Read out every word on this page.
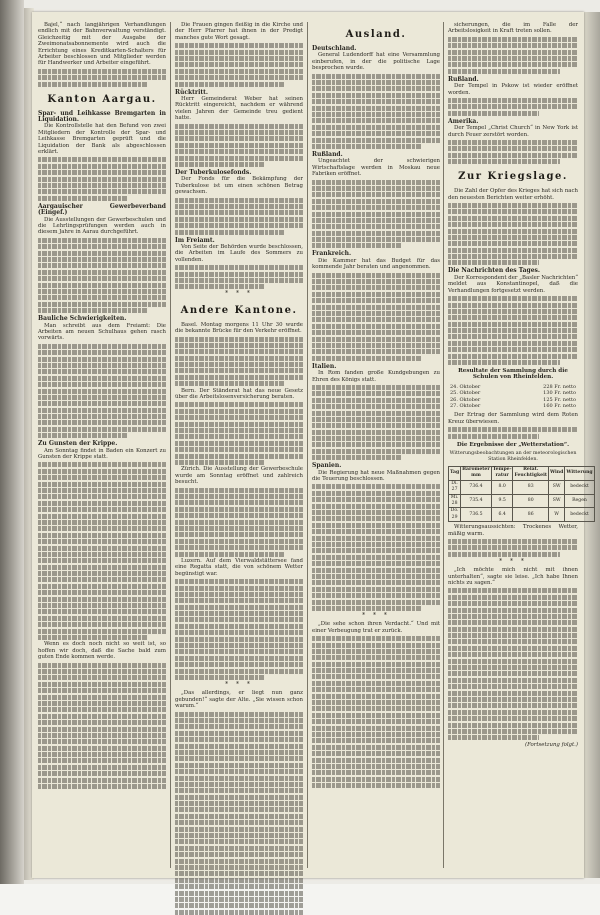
Bajel,“ nach langjährigen Verhandlungen endlich mit der Bahnverwaltung verständigt. Gleichzeitig mit der Ausgabe der Zweimonatsabonnemente wird auch die Errichtung eines Kreditkarten-Schalters für Arbeiter beschlossen und Mitglieder werden für Handwerker und Arbeiter eingeführt.

Kanton Aargau.
Spar- und Leihkasse Bremgarten in Liquidation.

Die Kontrollstelle hat den Befund von zwei Mitgliedern der Kontrolle der Spar- und Leihkasse Bremgarten geprüft und die Liquidation der Bank als abgeschlossen erklärt.

Aargauischer Gewerbeverband (Eingef.)

Die Ausstellungen der Gewerbeschulen und die Lehrlingsprüfungen werden auch in diesem Jahre in Aarau durchgeführt.

Bauliche Schwierigkeiten.

Man schreibt aus dem Freiamt: Die Arbeiten am neuen Schulhaus gehen rasch vorwärts.

Zu Gunsten der Krippe.

Am Sonntag findet in Baden ein Konzert zu Gunsten der Krippe statt.

Wenn es doch noch nicht so weit ist, so hoffen wir doch, daß die Sache bald zum guten Ende kommen werde.

Die Frauen gingen fleißig in die Kirche und der Herr Pfarrer hat ihnen in der Predigt manches gute Wort gesagt.

Rücktritt.

Herr Gemeinderat Weber hat seinen Rücktritt eingereicht, nachdem er während vielen Jahren der Gemeinde treu gedient hatte.

Der Tuberkulosefonds.

Der Fonds für die Bekämpfung der Tuberkulose ist um einen schönen Betrag gewachsen.

Im Freiamt.

Von Seite der Behörden wurde beschlossen, die Arbeiten im Laufe des Sommers zu vollenden.

* * *
Andere Kantone.

Basel. Montag morgens 11 Uhr 30 wurde die bekannte Brücke für den Verkehr eröffnet.

Bern. Der Ständerat hat das neue Gesetz über die Arbeitslosenversicherung beraten.

Zürich. Die Ausstellung der Gewerbeschule wurde am Sonntag eröffnet und zahlreich besucht.

Luzern. Auf dem Vierwaldstättersee fand eine Regatta statt, die von schönem Wetter begünstigt war.

* * *

„Das allerdings, er liegt nun ganz gebunden!“ sagte der Alte. „Sie wissen schon warum.“

Ausland.
Deutschland.

General Ludendorff hat eine Versammlung einberufen, in der die politische Lage besprochen wurde.

Rußland.

Ungeachtet der schwierigen Wirtschaftslage werden in Moskau neue Fabriken eröffnet.

Frankreich.

Die Kammer hat das Budget für das kommende Jahr beraten und angenommen.

Italien.

In Rom fanden große Kundgebungen zu Ehren des Königs statt.

Spanien.

Die Regierung hat neue Maßnahmen gegen die Teuerung beschlossen.

* * *

„Die sehe schon ihren Verdacht.“ Und mit einer Verbeugung trat er zurück.

sicherungen, die im Falle der Arbeitslosigkeit in Kraft treten sollen.

Rußland.

Der Tempel in Pskow ist wieder eröffnet worden.

Amerika.

Der Tempel „Christ Church“ in New York ist durch Feuer zerstört worden.

Zur Kriegslage.

Die Zahl der Opfer des Krieges hat sich nach den neuesten Berichten weiter erhöht.

Die Nachrichten des Tages.

Der Korrespondent der „Basler Nachrichten“ meldet aus Konstantinopel, daß die Verhandlungen fortgesetzt werden.

Resultate der Sammlung durch die Schulen von Rheinfelden.
24. Oktober	228 Fr. netto
25. Oktober	130 Fr. netto
26. Oktober	125 Fr. netto
27. Oktober	160 Fr. netto

Der Ertrag der Sammlung wird dem Roten Kreuz überwiesen.

Die Ergebnisse der „Wetterstation“.
Witterungsbeobachtungen an der meteorologischen Station Rheinfelden.
Tag	Barometer mm	Tempe-ratur	Relat. Feuchtigkeit	Wind	Witterung
Di. 27	736.4	8.0	83	SW	bedeckt
Mi. 28	735.4	9.5	80	SW	Regen
Do. 29	736.5	6.4	86	W	bedeckt

Witterungsaussichten: Trockenes Wetter, mäßig warm.

* * *

„Ich möchte mich nicht mit ihnen unterhalten“, sagte sie leise. „Ich habe Ihnen nichts zu sagen.“

(Fortsetzung folgt.)
